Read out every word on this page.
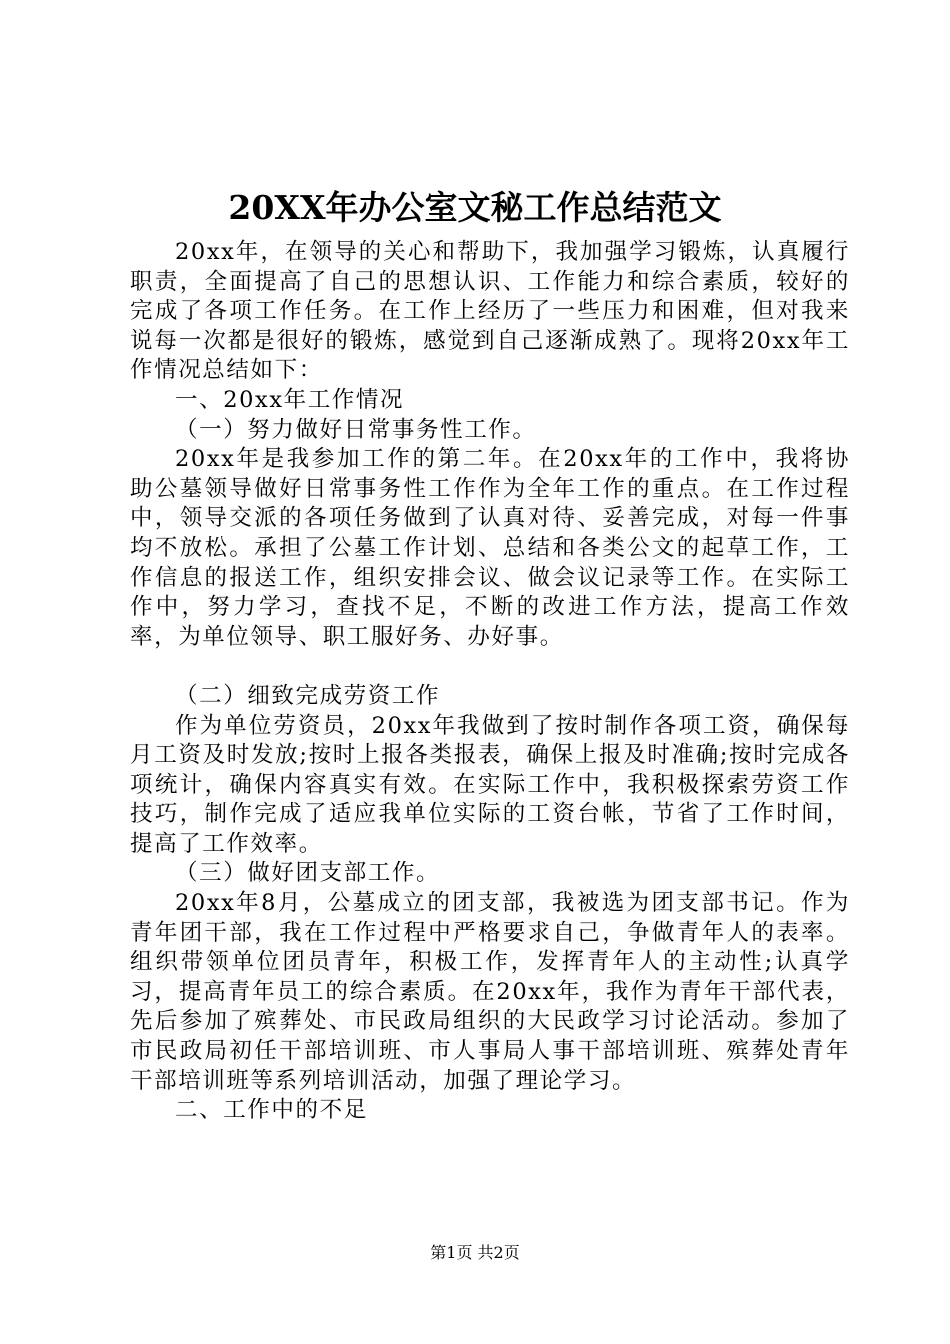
20XX年办公室文秘工作总结范文

20xx年，在领导的关心和帮助下，我加强学习锻炼，认真履行职责，全面提高了自己的思想认识、工作能力和综合素质，较好的完成了各项工作任务。在工作上经历了一些压力和困难，但对我来说每一次都是很好的锻炼，感觉到自己逐渐成熟了。现将20xx年工作情况总结如下：

一、20xx年工作情况

（一）努力做好日常事务性工作。

20xx年是我参加工作的第二年。在20xx年的工作中，我将协助公墓领导做好日常事务性工作作为全年工作的重点。在工作过程中，领导交派的各项任务做到了认真对待、妥善完成，对每一件事均不放松。承担了公墓工作计划、总结和各类公文的起草工作，工作信息的报送工作，组织安排会议、做会议记录等工作。在实际工作中，努力学习，查找不足，不断的改进工作方法，提高工作效率，为单位领导、职工服好务、办好事。

（二）细致完成劳资工作

作为单位劳资员，20xx年我做到了按时制作各项工资，确保每月工资及时发放;按时上报各类报表，确保上报及时准确;按时完成各项统计，确保内容真实有效。在实际工作中，我积极探索劳资工作技巧，制作完成了适应我单位实际的工资台帐，节省了工作时间，提高了工作效率。

（三）做好团支部工作。

20xx年8月，公墓成立的团支部，我被选为团支部书记。作为青年团干部，我在工作过程中严格要求自己，争做青年人的表率。组织带领单位团员青年，积极工作，发挥青年人的主动性;认真学习，提高青年员工的综合素质。在20xx年，我作为青年干部代表，先后参加了殡葬处、市民政局组织的大民政学习讨论活动。参加了市民政局初任干部培训班、市人事局人事干部培训班、殡葬处青年干部培训班等系列培训活动，加强了理论学习。

二、工作中的不足

第1页 共2页
